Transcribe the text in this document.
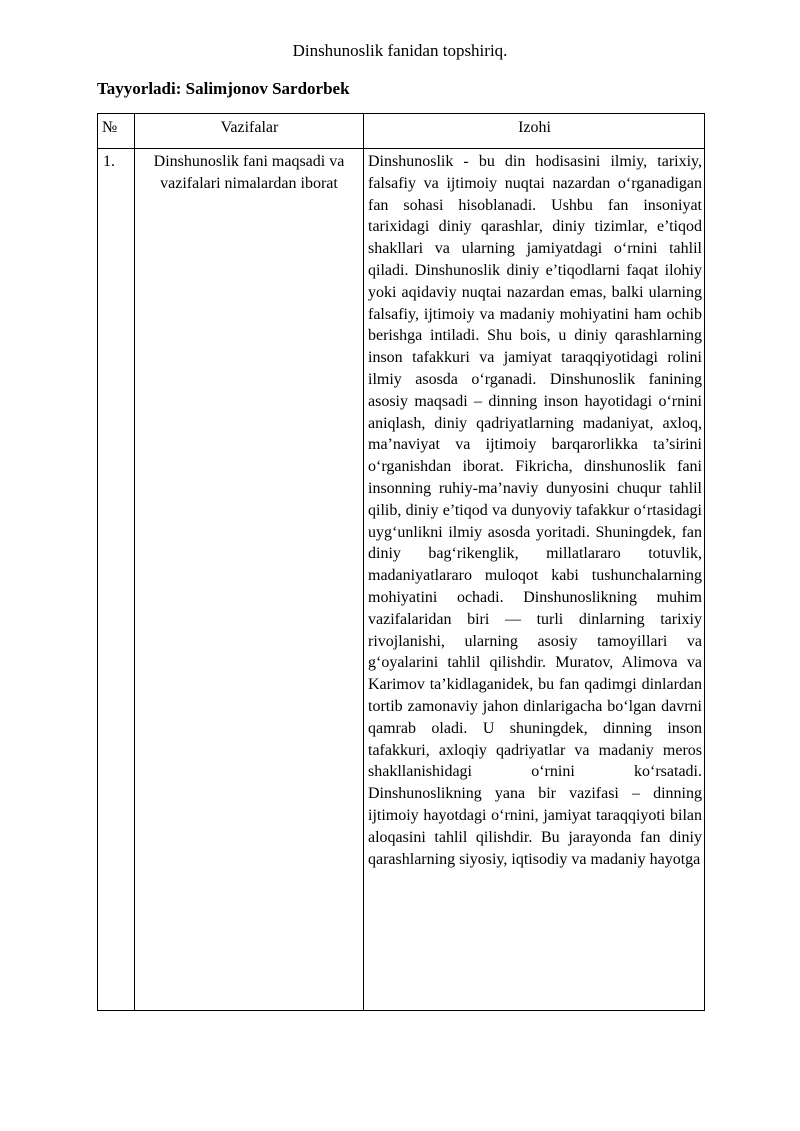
Dinshunoslik fanidan topshiriq.
Tayyorladi: Salimjonov Sardorbek
№	Vazifalar	Izohi

1.	Dinshunoslik fani maqsadi va vazifalari nimalardan iborat	Dinshunoslik - bu din hodisasini ilmiy, tarixiy, falsafiy va ijtimoiy nuqtai nazardan o‘rganadigan fan sohasi hisoblanadi. Ushbu fan insoniyat tarixidagi diniy qarashlar, diniy tizimlar, e’tiqod shakllari va ularning jamiyatdagi o‘rnini tahlil qiladi. Dinshunoslik diniy e’tiqodlarni faqat ilohiy yoki aqidaviy nuqtai nazardan emas, balki ularning falsafiy, ijtimoiy va madaniy mohiyatini ham ochib berishga intiladi. Shu bois, u diniy qarashlarning inson tafakkuri va jamiyat taraqqiyotidagi rolini ilmiy asosda o‘rganadi. Dinshunoslik fanining asosiy maqsadi – dinning inson hayotidagi o‘rnini aniqlash, diniy qadriyatlarning madaniyat, axloq, ma’naviyat va ijtimoiy barqarorlikka ta’sirini o‘rganishdan iborat. Fikricha, dinshunoslik fani insonning ruhiy-ma’naviy dunyosini chuqur tahlil qilib, diniy e’tiqod va dunyoviy tafakkur o‘rtasidagi uyg‘unlikni ilmiy asosda yoritadi. Shuningdek, fan diniy bag‘rikenglik, millatlararo totuvlik, madaniyatlararo muloqot kabi tushunchalarning mohiyatini ochadi. Dinshunoslikning muhim vazifalaridan biri — turli dinlarning tarixiy rivojlanishi, ularning asosiy tamoyillari va g‘oyalarini tahlil qilishdir. Muratov, Alimova va Karimov ta’kidlaganidek, bu fan qadimgi dinlardan tortib zamonaviy jahon dinlarigacha bo‘lgan davrni qamrab oladi. U shuningdek, dinning inson tafakkuri, axloqiy qadriyatlar va madaniy meros shakllanishidagi o‘rnini ko‘rsatadi. Dinshunoslikning yana bir vazifasi – dinning ijtimoiy hayotdagi o‘rnini, jamiyat taraqqiyoti bilan aloqasini tahlil qilishdir. Bu jarayonda fan diniy qarashlarning siyosiy, iqtisodiy va madaniy hayotga
